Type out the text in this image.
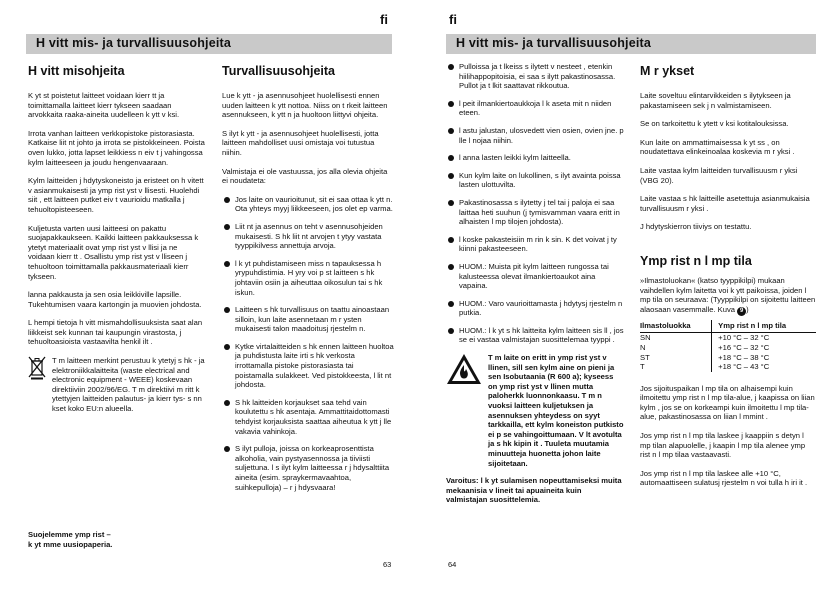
fi
H vitt mis- ja turvallisuusohjeita
H vitt misohjeita

K yt st poistetut laitteet voidaan kierr tt ja toimittamalla laitteet kierr tykseen saadaan arvokkaita raaka-aineita uudelleen k ytt v ksi.

Irrota vanhan laitteen verkkopistoke pistorasiasta. Katkaise liit nt johto ja irrota se pistokkeineen. Poista oven lukko, jotta lapset leikkiess n eiv t j vahingossa kylm laitteeseen ja joudu hengenvaaraan.

Kylm laitteiden j hdytyskoneisto ja eristeet on h vitett v asianmukaisesti ja ymp rist yst v llisesti. Huolehdi siit , ett laitteen putket eiv t vaurioidu matkalla j tehuoltopisteeseen.

Kuljetusta varten uusi laitteesi on pakattu suojapakkaukseen. Kaikki laitteen pakkauksessa k ytetyt materiaalit ovat ymp rist yst v llisi ja ne voidaan kierr tt . Osallistu ymp rist yst v lliseen j tehuoltoon toimittamalla pakkausmateriaali kierr tykseen.

lanna pakkausta ja sen osia leikkiville lapsille. Tukehtumisen vaara kartongin ja muovien johdosta.

L hempi tietoja h vitt mismahdollisuuksista saat alan liikkeist sek kunnan tai kaupungin virastosta, j tehuoltoasioista vastaavilta henkil ilt .

T m laitteen merkint perustuu k ytetyj s hk - ja elektroniikkalaitteita (waste electrical and electronic equipment - WEEE) koskevaan direktiiviin 2002/96/EG. T m direktiivi m ritt k ytettyjen laitteiden palautus- ja kierr tys- s nn kset koko EU:n alueella.
Suojelemme ymp rist –
k yt mme uusiopaperia.
Turvallisuusohjeita

Lue k ytt - ja asennusohjeet huolellisesti ennen uuden laitteen k ytt nottoa. Niiss on t rkeit laitteen asennukseen, k ytt n ja huoltoon liittyvi ohjeita.

S ilyt k ytt - ja asennusohjeet huolellisesti, jotta laitteen mahdolliset uusi omistaja voi tutustua niihin.

Valmistaja ei ole vastuussa, jos alla olevia ohjeita ei noudateta:

Jos laite on vaurioitunut, sit ei saa ottaa k ytt n. Ota yhteys myyj liikkeeseen, jos olet ep varma.
Liit nt ja asennus on teht v asennusohjeiden mukaisesti. S hk liit nt arvojen t ytyy vastata tyyppikilvess annettuja arvoja.
l k yt puhdistamiseen miss n tapauksessa h yrypuhdistimia. H yry voi p st laitteen s hk johtaviin osiin ja aiheuttaa oikosulun tai s hk iskun.
Laitteen s hk turvallisuus on taattu ainoastaan silloin, kun laite asennetaan m r ysten mukaisesti talon maadoitusj rjestelm n.
Kytke virtalaitteiden s hk ennen laitteen huoltoa ja puhdistusta laite irti s hk verkosta irrottamalla pistoke pistorasiasta tai poistamalla sulakkeet. Ved pistokkeesta, l lit nt johdosta.
S hk laitteiden korjaukset saa tehd vain koulutettu s hk asentaja. Ammattitaidottomasti tehdyist korjauksista saattaa aiheutua k ytt j lle vakavia vahinkoja.
S ilyt pulloja, joissa on korkeaprosenttista alkoholia, vain pystyasennossa ja tiiviisti suljettuna. l s ilyt kylm laitteessa r j hdysalttiita aineita (esim. spraykermavaahtoa, suihkepulloja) – r j hdysvaara!
63
fi
H vitt mis- ja turvallisuusohjeita
Pulloissa ja t lkeiss s ilytett v nesteet , etenkin hiilihappopitoisia, ei saa s ilytt pakastinosassa. Pullot ja t lkit saattavat rikkoutua.
l peit ilmankiertoaukkoja l k aseta mit n niiden eteen.
l astu jalustan, ulosvedett vien osien, ovien jne. p lle l nojaa niihin.
l anna lasten leikki kylm laitteella.
Kun kylm laite on lukollinen, s ilyt avainta poissa lasten ulottuvilta.
Pakastinosassa s ilytetty j tel tai j paloja ei saa laittaa heti suuhun (j tymisvamman vaara eritt in alhaisten l mp tilojen johdosta).
l koske pakasteisiin m rin k sin. K det voivat j ty kiinni pakasteeseen.
HUOM.: Muista pit kylm laitteen rungossa tai kalusteessa olevat ilmankiertoaukot aina vapaina.
HUOM.: Varo vaurioittamasta j hdytysj rjestelm n putkia.
HUOM.: l k yt s hk laitteita kylm laitteen sis ll , jos se ei vastaa valmistajan suosittelemaa tyyppi .
T m laite on eritt in ymp rist yst v llinen, sill sen kylm aine on pieni ja sen Isobutaania (R 600 a); kyseess on ymp rist yst v llinen mutta paloherkk luonnonkaasu. T m n vuoksi laitteen kuljetuksen ja asennuksen yhteydess on syyt tarkkailla, ett kylm koneiston putkisto ei p se vahingoittumaan. V lt avotulta ja s hk kipin it . Tuuleta muutamia minuutteja huonetta johon laite sijoitetaan.

Varoitus: l k yt sulamisen nopeuttamiseksi muita mekaanisia v lineit tai apuaineita kuin valmistajan suosittelemia.

M r ykset

Laite soveltuu elintarvikkeiden s ilytykseen ja pakastamiseen sek j n valmistamiseen.

Se on tarkoitettu k ytett v ksi kotitalouksissa.

Kun laite on ammattimaisessa k yt ss , on noudatettava elinkeinoalaa koskevia m r yksi .

Laite vastaa kylm laitteiden turvallisuusm r yksi (VBG 20).

Laite vastaa s hk laitteille asetettuja asianmukaisia turvallisuusm r yksi .

J hdytyskierron tiiviys on testattu.

Ymp rist n l mp tila

»Ilmastoluokan« (katso tyyppikilpi) mukaan vaihdellen kylm laitetta voi k ytt paikoissa, joiden l mp tila on seuraava: (Tyyppikilpi on sijoitettu laitteen alaosaan vasemmalle. Kuva 9 )

Ilmastoluokka	Ymp rist n l mp tila
SN	+10 °C – 32 °C
N	+16 °C – 32 °C
ST	+18 °C – 38 °C
T	+18 °C – 43 °C

Jos sijoituspaikan l mp tila on alhaisempi kuin ilmoitettu ymp rist n l mp tila-alue, j kaapissa on liian kylm , jos se on korkeampi kuin ilmoitettu l mp tila-alue, pakastinosassa on liian l mmint .

Jos ymp rist n l mp tila laskee j kaappiin s detyn l mp tilan alapuolelle, j kaapin l mp tila alenee ymp rist n l mp tilaa vastaavasti.

Jos ymp rist n l mp tila laskee alle +10 °C, automaattiseen sulatusj rjestelm n voi tulla h iri it .

64
